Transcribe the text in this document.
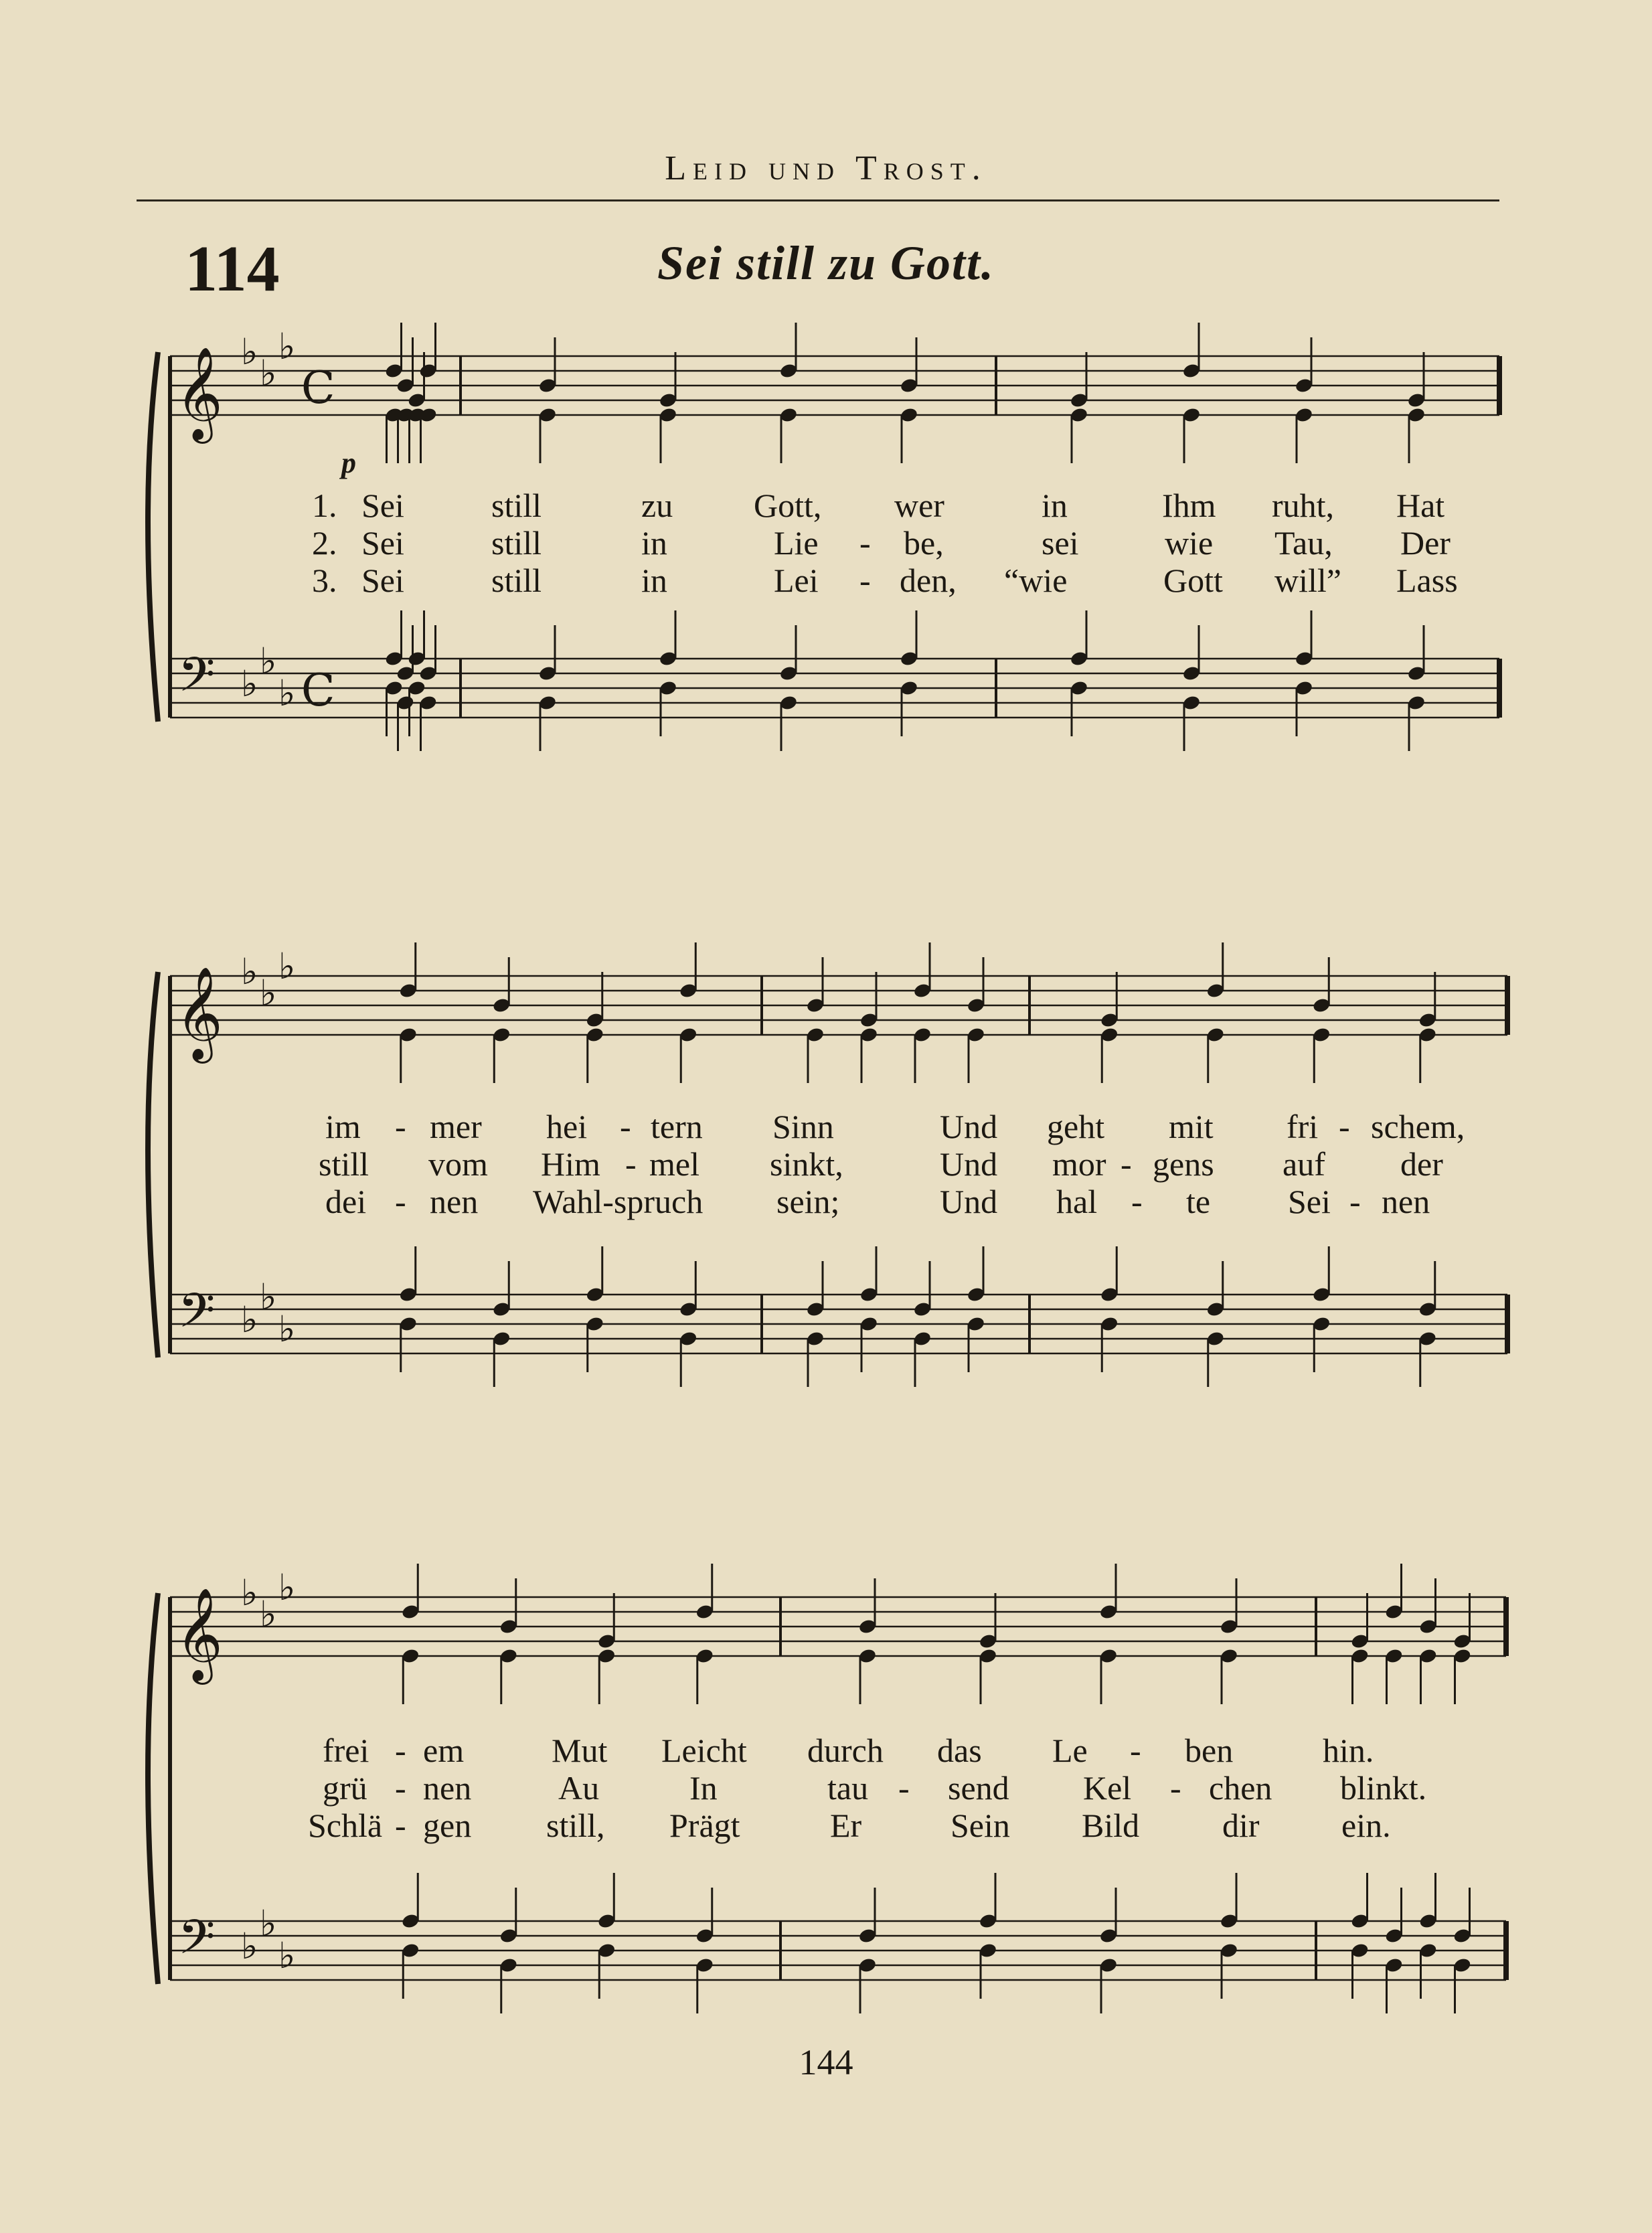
Leid und Trost.
114	Sei still zu Gott.
𝄞
𝄢
♭
♭
♭
♭
♭
♭
C
C
𝄞
𝄢
♭
♭
♭
♭
♭
♭
𝄞
𝄢
♭
♭
♭
♭
♭
♭
p
1.
2.
3.
Sei	still	zu Gott, wer	in	Ihm ruht, Hat
Sei	still	in	Lie - be,	sei	wie Tau, Der
Sei	still	in	Lei - den, “wie	Gott will” Lass
im - mer hei - tern Sinn	Und geht mit fri - schem,
still vom Him - mel sinkt,	Und mor - gens auf der
dei - nen Wahl-spruch sein;	Und hal - te Sei - nen
frei - em	Mut Leicht durch das Le - ben	hin.
grü - nen	Au	In	tau - send Kel - chen blinkt.
Schlä - gen still, Prägt	Er	Sein Bild dir ein.
144
